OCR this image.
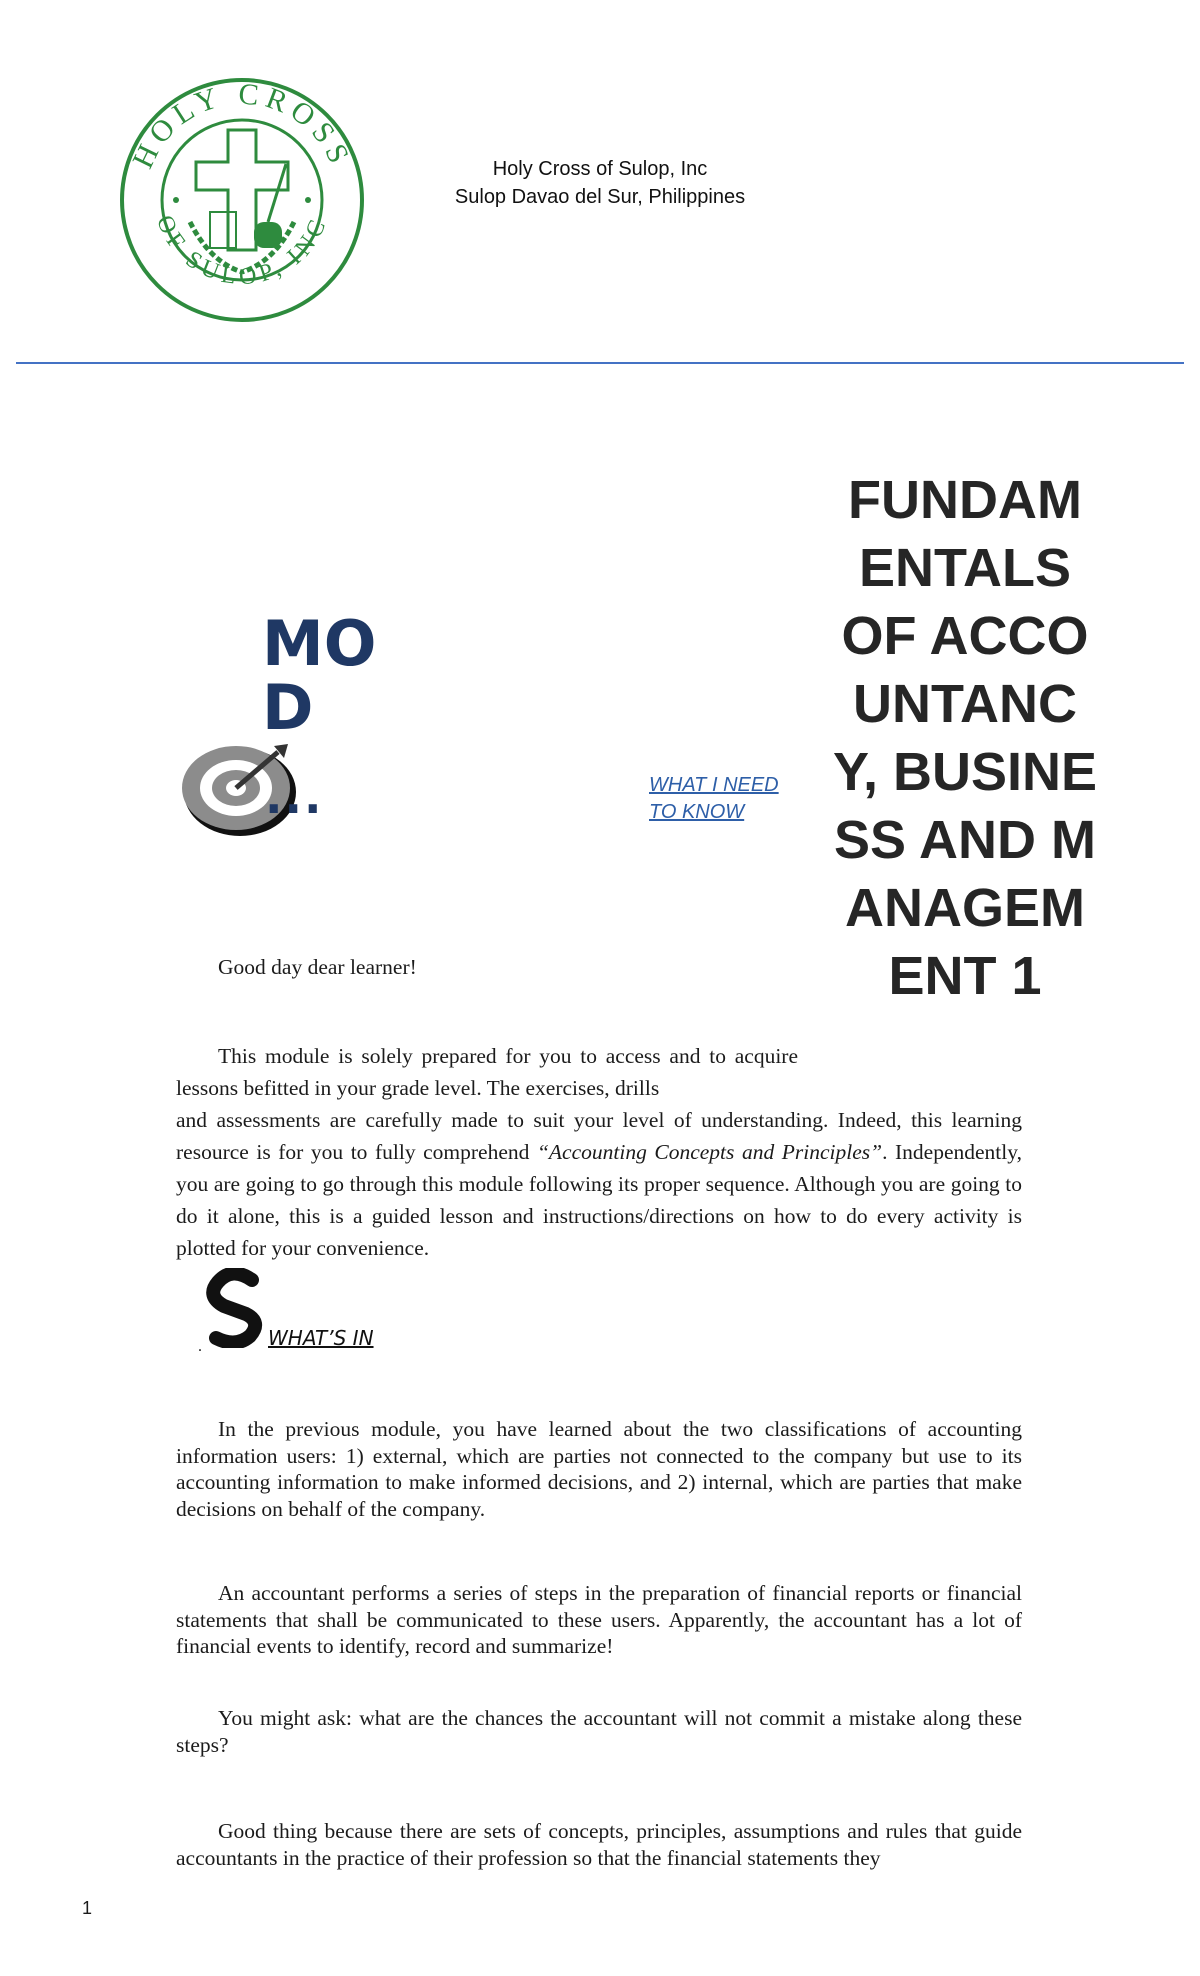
HOLY CROSS
OF SULOP, INC
Holy Cross of Sulop, Inc
Sulop Davao del Sur, Philippines
FUNDAMENTALS OF ACCOUNTANCY, BUSINESS AND MANAGEMENT 1
MOD
...	WHAT I NEED TO KNOW
Good day dear learner!
This module is solely prepared for you to access and to acquire lessons befitted in your grade level. The exercises, drills
and assessments are carefully made to suit your level of understanding. Indeed, this learning resource is for you to fully comprehend “Accounting Concepts and Principles”. Independently, you are going to go through this module following its proper sequence. Although you are going to do it alone, this is a guided lesson and instructions/directions on how to do every activity is plotted for your convenience.
.	WHAT’S IN
In the previous module, you have learned about the two classifications of accounting information users: 1) external, which are parties not connected to the company but use to its accounting information to make informed decisions, and 2) internal, which are parties that make decisions on behalf of the company.
An accountant performs a series of steps in the preparation of financial reports or financial statements that shall be communicated to these users. Apparently, the accountant has a lot of financial events to identify, record and summarize!
You might ask: what are the chances the accountant will not commit a mistake along these steps?
Good thing because there are sets of concepts, principles, assumptions and rules that guide accountants in the practice of their profession so that the financial statements they
1
